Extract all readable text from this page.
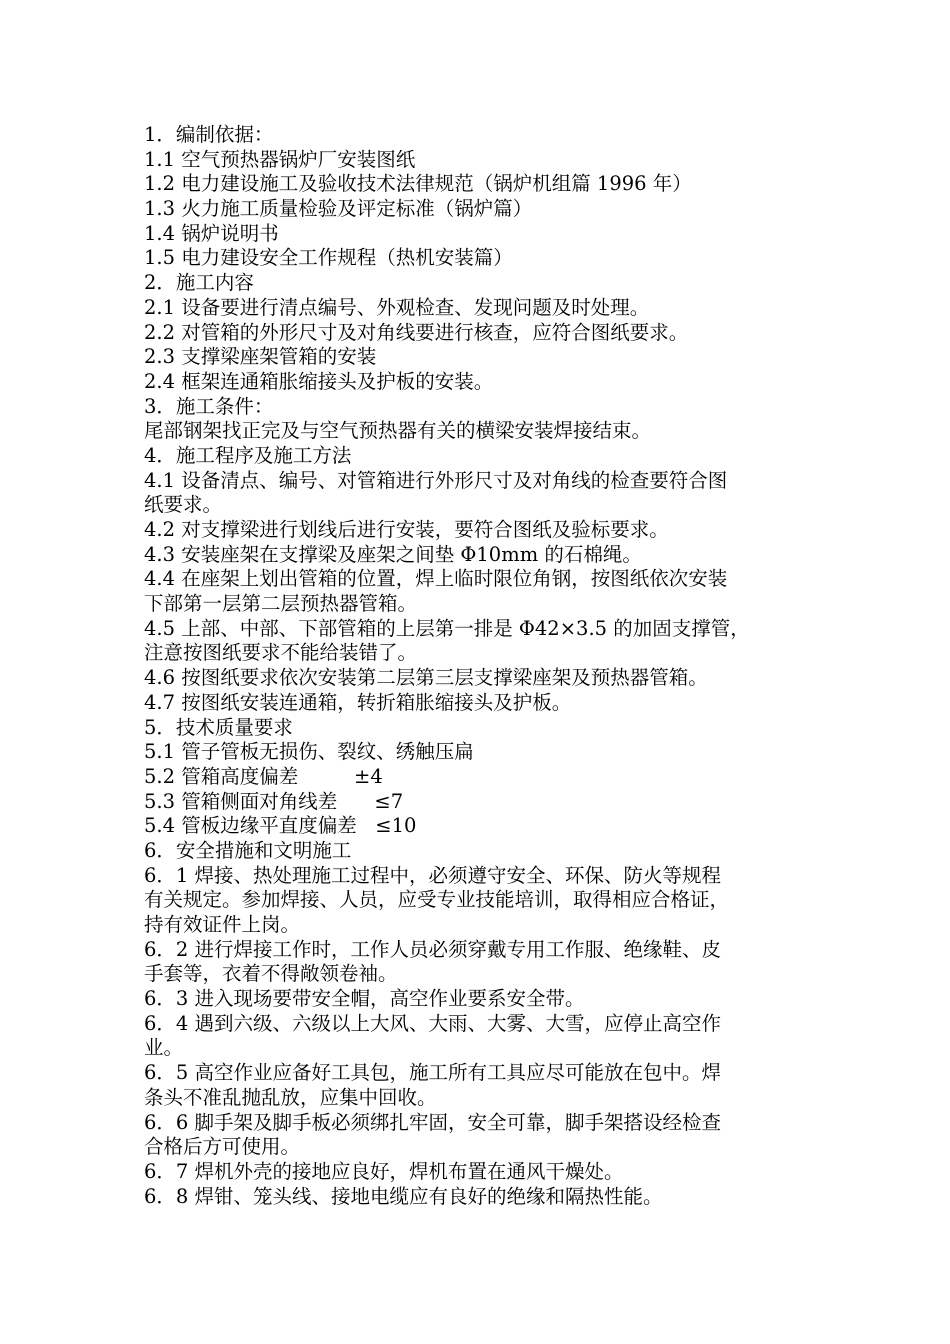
1．编制依据：

1.1 空气预热器锅炉厂安装图纸

1.2 电力建设施工及验收技术法律规范（锅炉机组篇 1996 年）

1.3 火力施工质量检验及评定标准（锅炉篇）

1.4 锅炉说明书

1.5 电力建设安全工作规程（热机安装篇）

2．施工内容

2.1 设备要进行清点编号、外观检查、发现问题及时处理。

2.2 对管箱的外形尺寸及对角线要进行核查，应符合图纸要求。

2.3 支撑梁座架管箱的安装

2.4 框架连通箱胀缩接头及护板的安装。

3．施工条件：

尾部钢架找正完及与空气预热器有关的横梁安装焊接结束。

4．施工程序及施工方法

4.1 设备清点、编号、对管箱进行外形尺寸及对角线的检查要符合图

纸要求。

4.2 对支撑梁进行划线后进行安装，要符合图纸及验标要求。

4.3 安装座架在支撑梁及座架之间垫 Φ10mm 的石棉绳。

4.4 在座架上划出管箱的位置，焊上临时限位角钢，按图纸依次安装

下部第一层第二层预热器管箱。

4.5 上部、中部、下部管箱的上层第一排是 Φ42×3.5 的加固支撑管，

注意按图纸要求不能给装错了。

4.6 按图纸要求依次安装第二层第三层支撑梁座架及预热器管箱。

4.7 按图纸安装连通箱，转折箱胀缩接头及护板。

5．技术质量要求

5.1 管子管板无损伤、裂纹、绣触压扁

5.2 管箱高度偏差         ±4

5.3 管箱侧面对角线差      ≤7

5.4 管板边缘平直度偏差   ≤10

6．安全措施和文明施工

6．1 焊接、热处理施工过程中，必须遵守安全、环保、防火等规程

有关规定。参加焊接、人员，应受专业技能培训，取得相应合格证，

持有效证件上岗。

6．2 进行焊接工作时，工作人员必须穿戴专用工作服、绝缘鞋、皮

手套等，衣着不得敞领卷袖。

6．3 进入现场要带安全帽，高空作业要系安全带。

6．4 遇到六级、六级以上大风、大雨、大雾、大雪，应停止高空作

业。

6．5 高空作业应备好工具包，施工所有工具应尽可能放在包中。焊

条头不准乱抛乱放，应集中回收。

6．6 脚手架及脚手板必须绑扎牢固，安全可靠，脚手架搭设经检查

合格后方可使用。

6．7 焊机外壳的接地应良好，焊机布置在通风干燥处。

6．8 焊钳、笼头线、接地电缆应有良好的绝缘和隔热性能。
